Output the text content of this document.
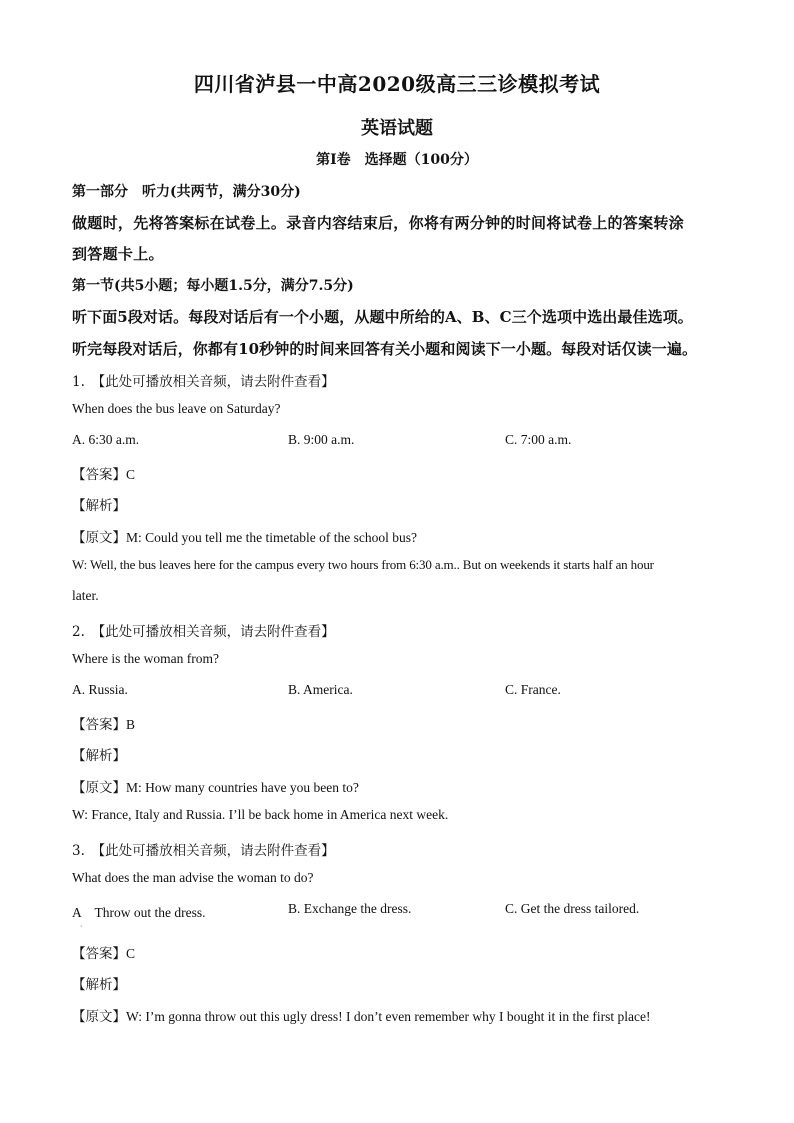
四川省泸县一中高2020级高三三诊模拟考试
英语试题
第Ⅰ卷　选择题（100分）
第一部分　听力(共两节，满分30分)
做题时，先将答案标在试卷上。录音内容结束后，你将有两分钟的时间将试卷上的答案转涂
到答题卡上。
第一节(共5小题；每小题1.5分，满分7.5分)
听下面5段对话。每段对话后有一个小题，从题中所给的A、B、C三个选项中选出最佳选项。
听完每段对话后，你都有10秒钟的时间来回答有关小题和阅读下一小题。每段对话仅读一遍。
1.　【此处可播放相关音频，请去附件查看】
When does the bus leave on Saturday?
A. 6:30 a.m.	B. 9:00 a.m.	C. 7:00 a.m.
【答案】C
【解析】
【原文】M: Could you tell me the timetable of the school bus?
W: Well, the bus leaves here for the campus every two hours from 6:30 a.m.. But on weekends it starts half an hour
later.
2.　【此处可播放相关音频，请去附件查看】
Where is the woman from?
A. Russia.	B. America.	C. France.
【答案】B
【解析】
【原文】M: How many countries have you been to?
W: France, Italy and Russia. I’ll be back home in America next week.
3.　【此处可播放相关音频，请去附件查看】
What does the man advise the woman to do?
A　Throw out the dress.	B. Exchange the dress.	C. Get the dress tailored.
·
【答案】C
【解析】
【原文】W: I’m gonna throw out this ugly dress! I don’t even remember why I bought it in the first place!
